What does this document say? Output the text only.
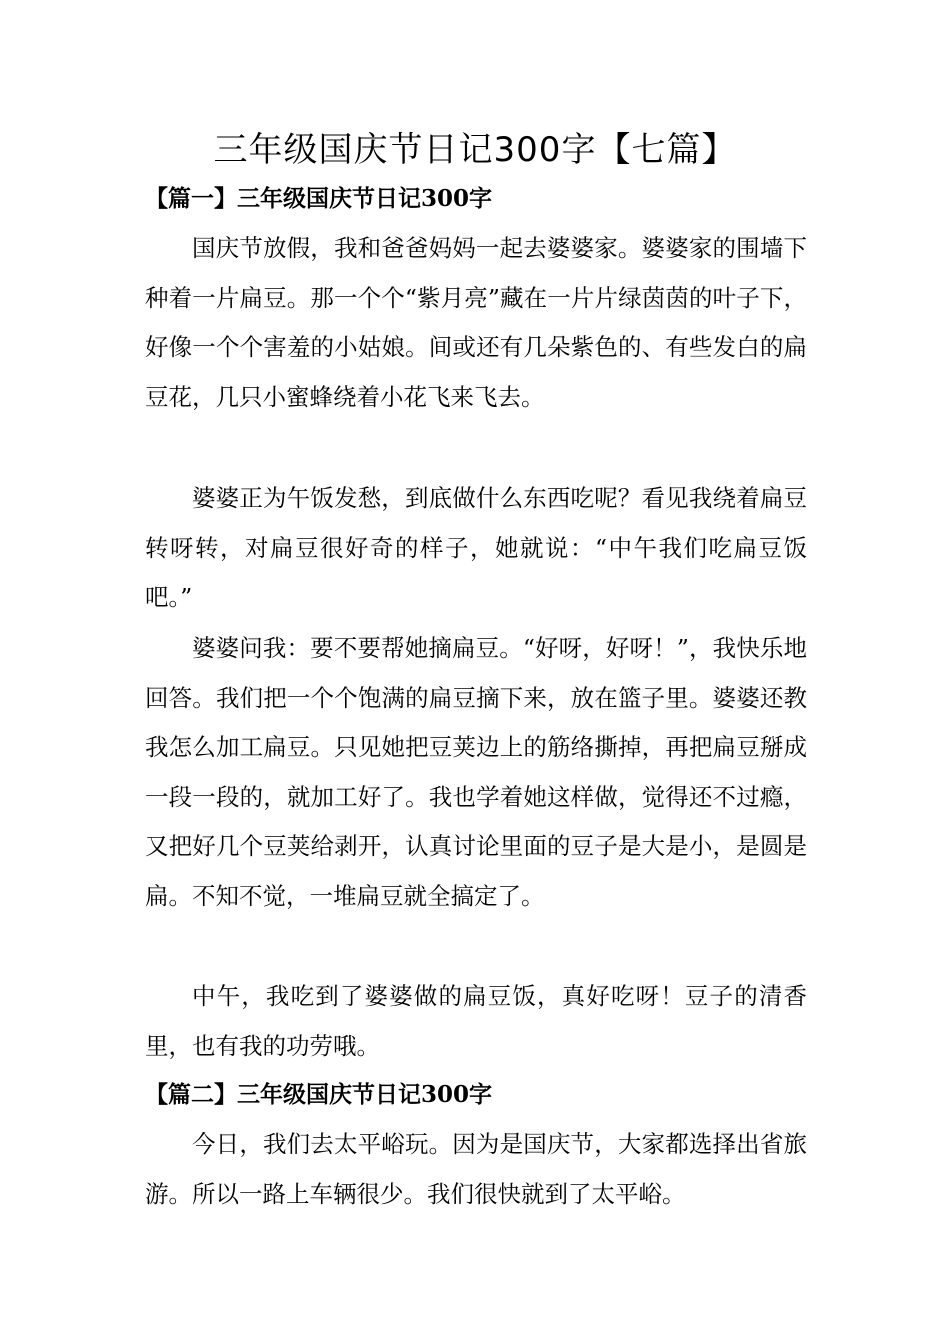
三年级国庆节日记300字【七篇】
【篇一】三年级国庆节日记300字

国庆节放假，我和爸爸妈妈一起去婆婆家。婆婆家的围墙下种着一片扁豆。那一个个“紫月亮”藏在一片片绿茵茵的叶子下，好像一个个害羞的小姑娘。间或还有几朵紫色的、有些发白的扁豆花，几只小蜜蜂绕着小花飞来飞去。

婆婆正为午饭发愁，到底做什么东西吃呢？看见我绕着扁豆转呀转，对扁豆很好奇的样子，她就说：“中午我们吃扁豆饭吧。”

婆婆问我：要不要帮她摘扁豆。“好呀，好呀！”，我快乐地回答。我们把一个个饱满的扁豆摘下来，放在篮子里。婆婆还教我怎么加工扁豆。只见她把豆荚边上的筋络撕掉，再把扁豆掰成一段一段的，就加工好了。我也学着她这样做，觉得还不过瘾，又把好几个豆荚给剥开，认真讨论里面的豆子是大是小，是圆是扁。不知不觉，一堆扁豆就全搞定了。

中午，我吃到了婆婆做的扁豆饭，真好吃呀！豆子的清香里，也有我的功劳哦。

【篇二】三年级国庆节日记300字

今日，我们去太平峪玩。因为是国庆节，大家都选择出省旅游。所以一路上车辆很少。我们很快就到了太平峪。
